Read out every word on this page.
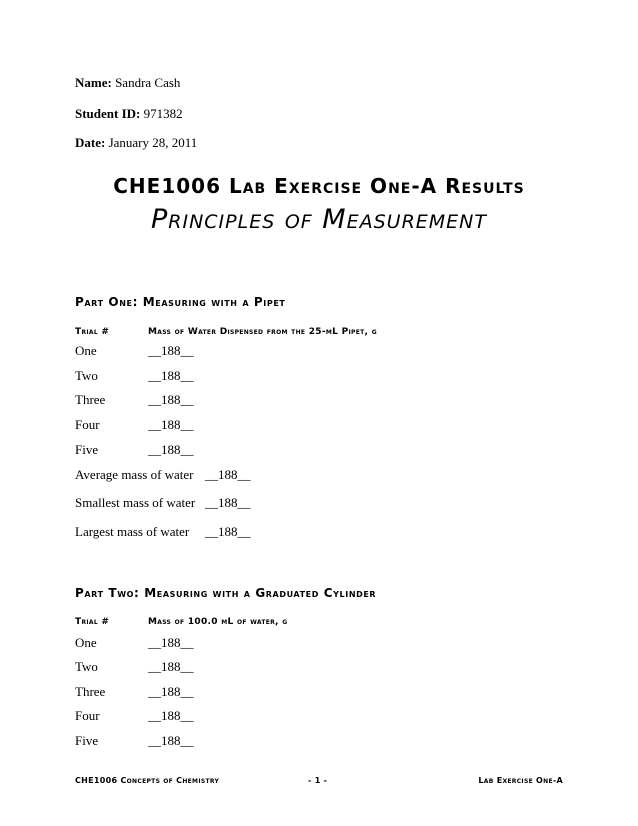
Name: Sandra Cash
Student ID: 971382
Date: January 28, 2011
CHE1006 Lab Exercise One-A Results
Principles of Measurement
Part One: Measuring with a Pipet
Trial #	Mass of Water Dispensed from the 25-mL Pipet, g
One	__188__
Two	__188__
Three	__188__
Four	__188__
Five	__188__
Average mass of water __188__
Smallest mass of water __188__
Largest mass of water __188__
Part Two: Measuring with a Graduated Cylinder
Trial #	Mass of 100.0 mL of water, g
One	__188__
Two	__188__
Three	__188__
Four	__188__
Five	__188__
CHE1006 Concepts of Chemistry	- 1 -	Lab Exercise One-A
